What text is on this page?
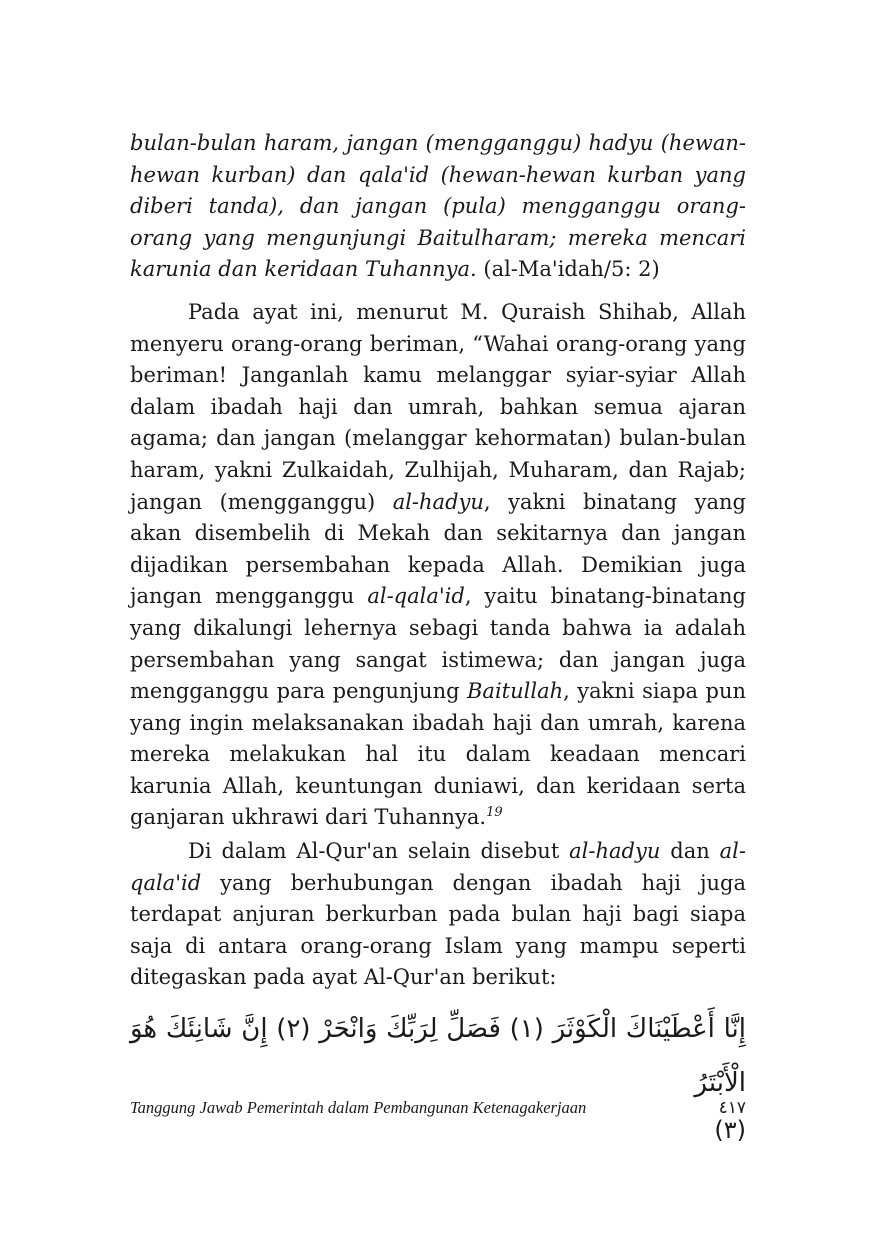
bulan-bulan haram, jangan (mengganggu) hadyu (hewan-hewan kurban) dan qala'id (hewan-hewan kurban yang diberi tanda), dan jangan (pula) mengganggu orang-orang yang mengunjungi Baitulharam; mereka mencari karunia dan keridaan Tuhannya. (al-Ma'idah/5: 2)

Pada ayat ini, menurut M. Quraish Shihab, Allah menyeru orang-orang beriman, “Wahai orang-orang yang beriman! Janganlah kamu melanggar syiar-syiar Allah dalam ibadah haji dan umrah, bahkan semua ajaran agama; dan jangan (melanggar kehormatan) bulan-bulan haram, yakni Zulkaidah, Zulhijah, Muharam, dan Rajab; jangan (mengganggu) al-hadyu, yakni binatang yang akan disembelih di Mekah dan sekitarnya dan jangan dijadikan persembahan kepada Allah. Demikian juga jangan mengganggu al-qala'id, yaitu binatang-binatang yang dikalungi lehernya sebagi tanda bahwa ia adalah persembahan yang sangat istimewa; dan jangan juga mengganggu para pengunjung Baitullah, yakni siapa pun yang ingin melaksanakan ibadah haji dan umrah, karena mereka melakukan hal itu dalam keadaan mencari karunia Allah, keuntungan duniawi, dan keridaan serta ganjaran ukhrawi dari Tuhannya.$^{19}$

Di dalam Al-Qur'an selain disebut al-hadyu dan al-qala'id yang berhubungan dengan ibadah haji juga terdapat anjuran berkurban pada bulan haji bagi siapa saja di antara orang-orang Islam yang mampu seperti ditegaskan pada ayat Al-Qur'an berikut:

إِنَّا أَعْطَيْنَاكَ الْكَوْثَرَ (١) فَصَلِّ لِرَبِّكَ وَانْحَرْ (٢) إِنَّ شَانِئَكَ هُوَ الْأَبْتَرُ

(٣)

Tanggung Jawab Pemerintah dalam Pembangunan Ketenagakerjaan	٤١٧
